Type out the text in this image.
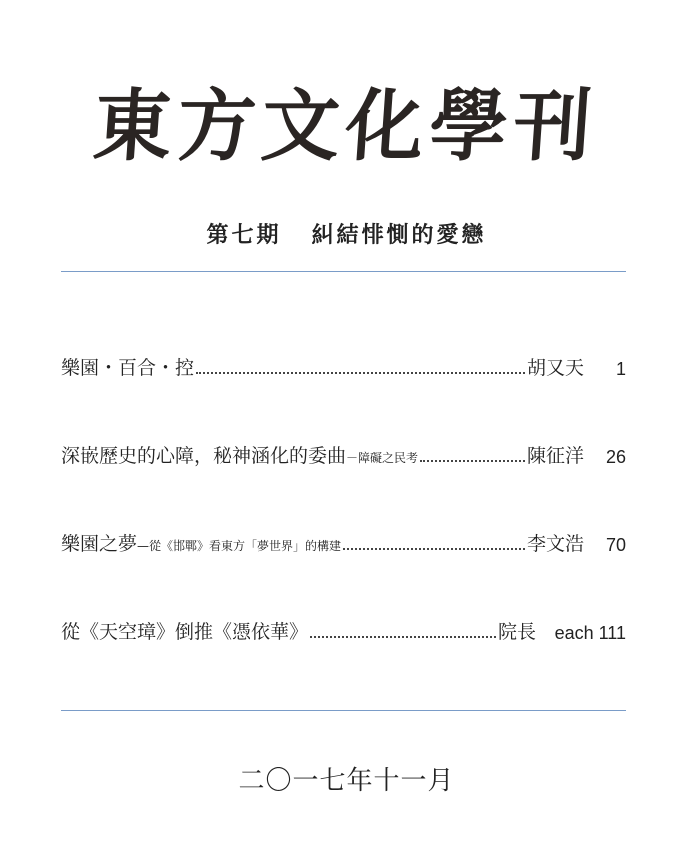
東方文化學刊
第七期 糾結悱惻的愛戀
樂園・百合・控	胡又天	1
深嵌歷史的心障，秘神涵化的委曲－障礙之民考	陳征洋	26
樂園之夢—從《邯鄲》看東方「夢世界」的構建	李文浩	70
從《天空璋》倒推《憑依華》	院長	each 111
二〇一七年十一月
